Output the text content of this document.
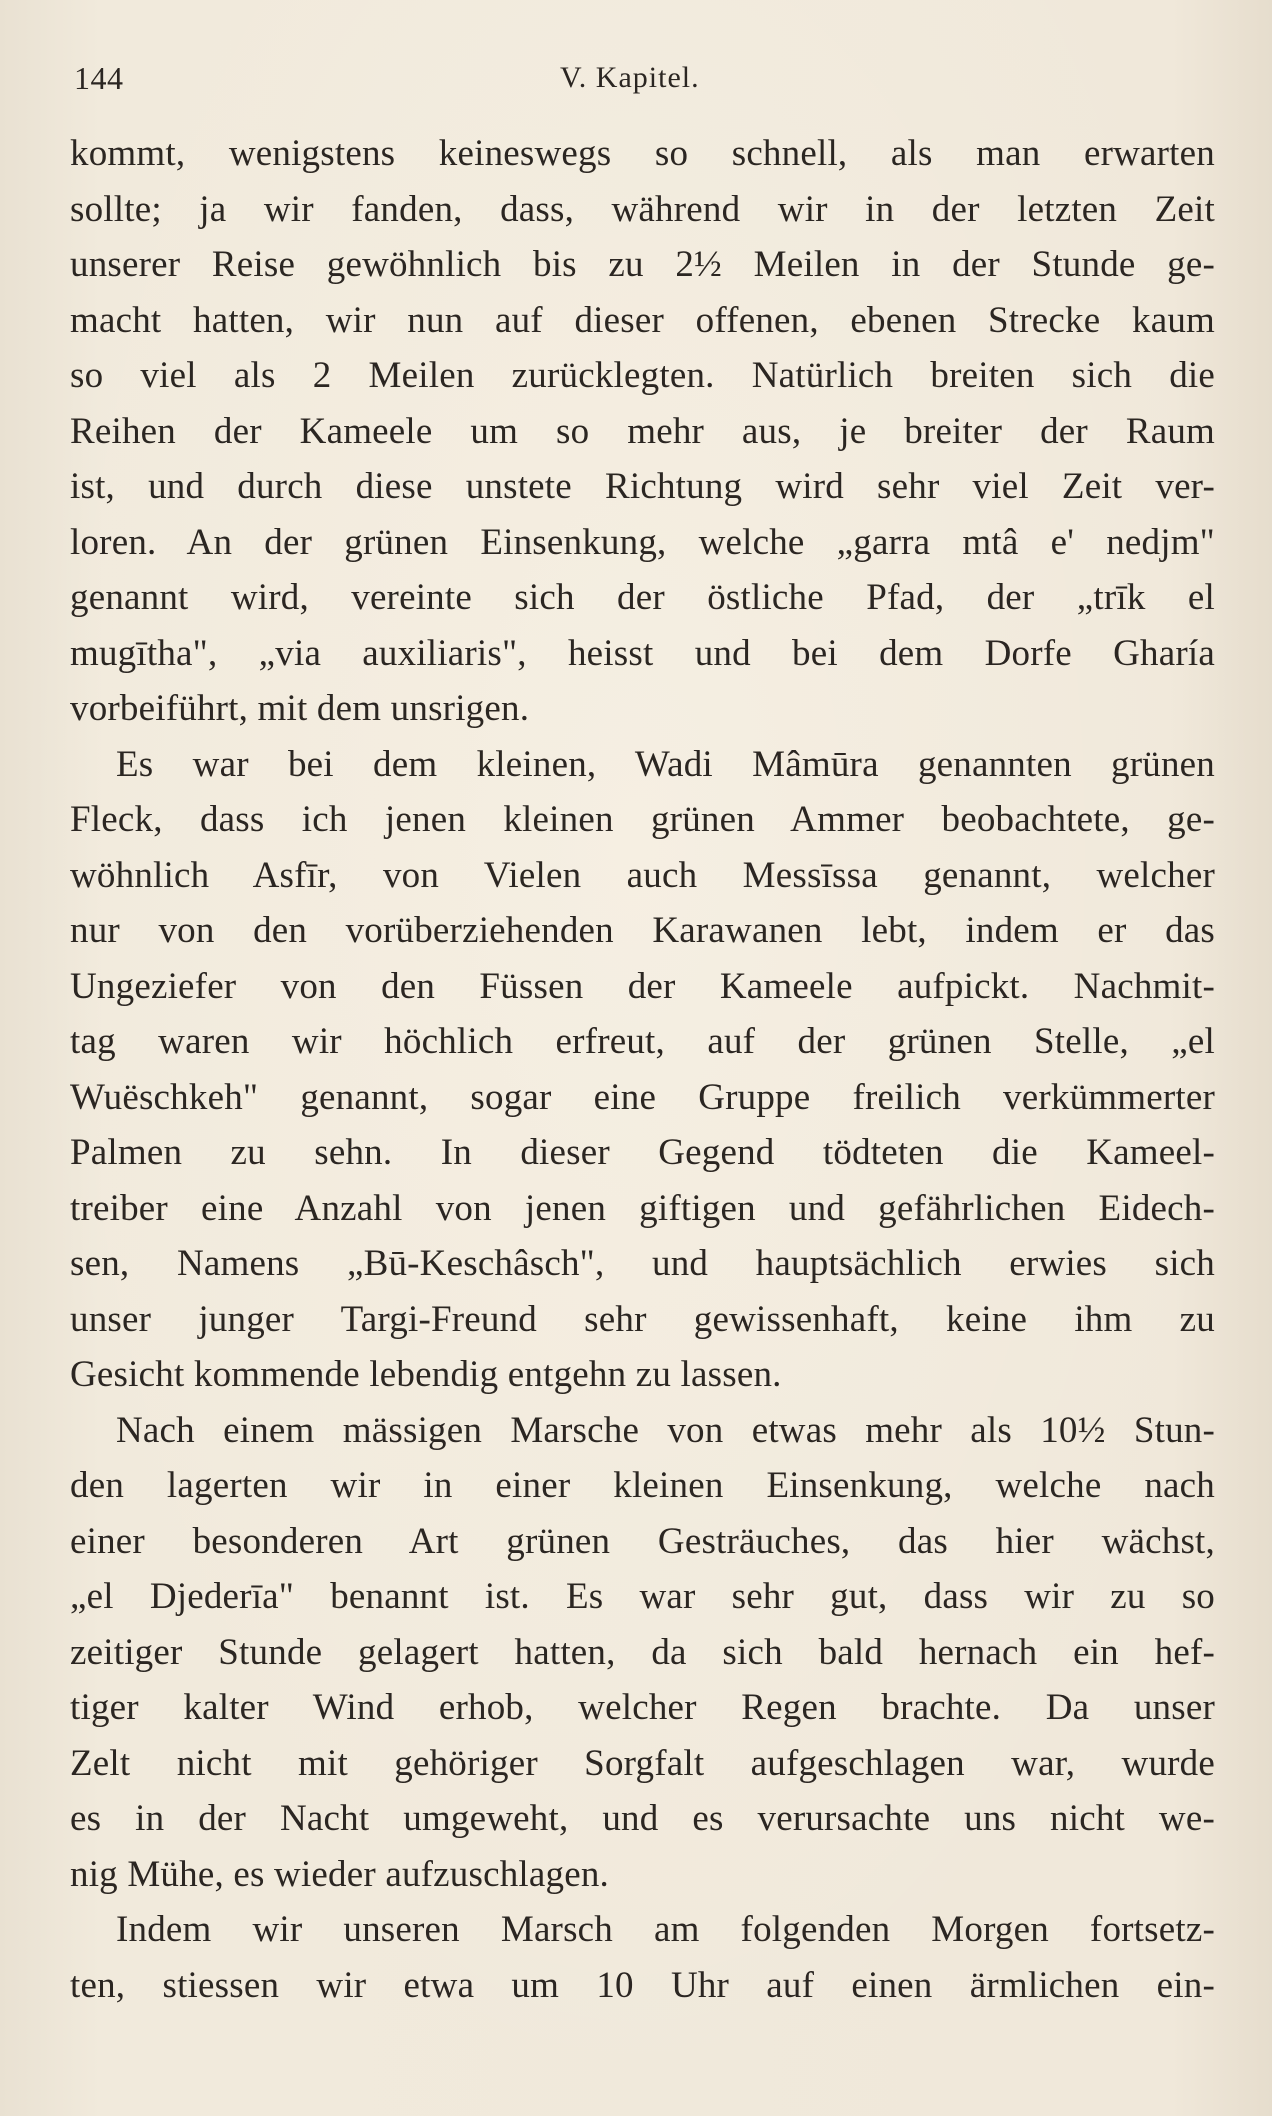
144	V. Kapitel.
kommt, wenigstens keineswegs so schnell, als man erwarten
sollte; ja wir fanden, dass, während wir in der letzten Zeit
unserer Reise gewöhnlich bis zu 2½ Meilen in der Stunde ge-
macht hatten, wir nun auf dieser offenen, ebenen Strecke kaum
so viel als 2 Meilen zurücklegten. Natürlich breiten sich die
Reihen der Kameele um so mehr aus, je breiter der Raum
ist, und durch diese unstete Richtung wird sehr viel Zeit ver-
loren. An der grünen Einsenkung, welche „garra mtâ e' nedjm"
genannt wird, vereinte sich der östliche Pfad, der „trīk el
mugītha", „via auxiliaris", heisst und bei dem Dorfe Gharía
vorbeiführt, mit dem unsrigen.
Es war bei dem kleinen, Wadi Mâmūra genannten grünen
Fleck, dass ich jenen kleinen grünen Ammer beobachtete, ge-
wöhnlich Asfīr, von Vielen auch Messīssa genannt, welcher
nur von den vorüberziehenden Karawanen lebt, indem er das
Ungeziefer von den Füssen der Kameele aufpickt. Nachmit-
tag waren wir höchlich erfreut, auf der grünen Stelle, „el
Wuëschkeh" genannt, sogar eine Gruppe freilich verkümmerter
Palmen zu sehn. In dieser Gegend tödteten die Kameel-
treiber eine Anzahl von jenen giftigen und gefährlichen Eidech-
sen, Namens „Bū-Keschâsch", und hauptsächlich erwies sich
unser junger Targi-Freund sehr gewissenhaft, keine ihm zu
Gesicht kommende lebendig entgehn zu lassen.
Nach einem mässigen Marsche von etwas mehr als 10½ Stun-
den lagerten wir in einer kleinen Einsenkung, welche nach
einer besonderen Art grünen Gesträuches, das hier wächst,
„el Djederīa" benannt ist. Es war sehr gut, dass wir zu so
zeitiger Stunde gelagert hatten, da sich bald hernach ein hef-
tiger kalter Wind erhob, welcher Regen brachte. Da unser
Zelt nicht mit gehöriger Sorgfalt aufgeschlagen war, wurde
es in der Nacht umgeweht, und es verursachte uns nicht we-
nig Mühe, es wieder aufzuschlagen.
Indem wir unseren Marsch am folgenden Morgen fortsetz-
ten, stiessen wir etwa um 10 Uhr auf einen ärmlichen ein-
